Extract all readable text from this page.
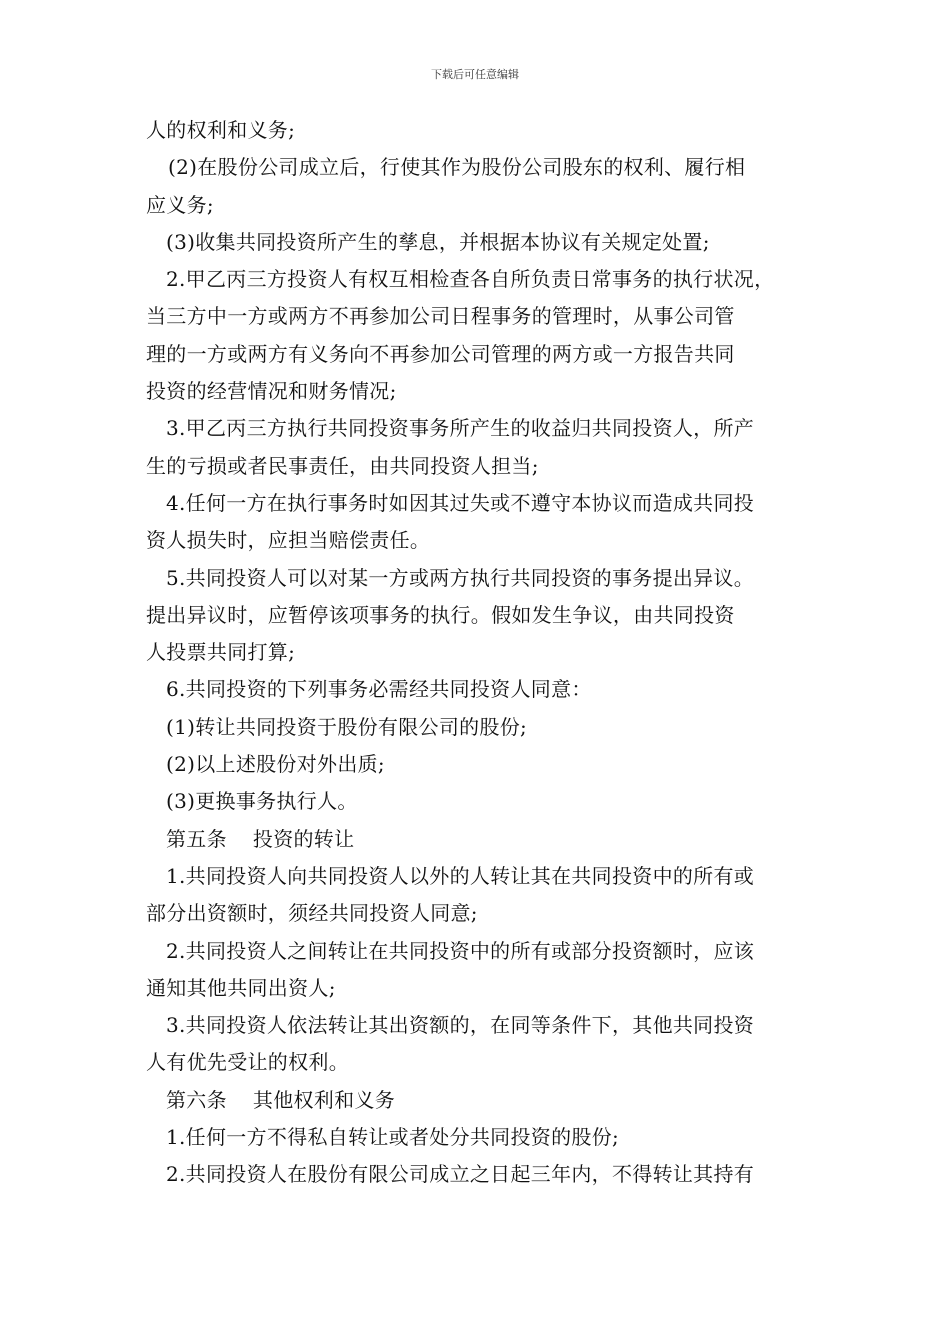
下载后可任意编辑
人的权利和义务;
(2)在股份公司成立后，行使其作为股份公司股东的权利、履行相
应义务;
(3)收集共同投资所产生的孳息，并根据本协议有关规定处置;
2.甲乙丙三方投资人有权互相检查各自所负责日常事务的执行状况，
当三方中一方或两方不再参加公司日程事务的管理时，从事公司管
理的一方或两方有义务向不再参加公司管理的两方或一方报告共同
投资的经营情况和财务情况;
3.甲乙丙三方执行共同投资事务所产生的收益归共同投资人，所产
生的亏损或者民事责任，由共同投资人担当;
4.任何一方在执行事务时如因其过失或不遵守本协议而造成共同投
资人损失时，应担当赔偿责任。
5.共同投资人可以对某一方或两方执行共同投资的事务提出异议。
提出异议时，应暂停该项事务的执行。假如发生争议，由共同投资
人投票共同打算;
6.共同投资的下列事务必需经共同投资人同意：
(1)转让共同投资于股份有限公司的股份;
(2)以上述股份对外出质;
(3)更换事务执行人。
第五条 投资的转让
1.共同投资人向共同投资人以外的人转让其在共同投资中的所有或
部分出资额时，须经共同投资人同意;
2.共同投资人之间转让在共同投资中的所有或部分投资额时，应该
通知其他共同出资人;
3.共同投资人依法转让其出资额的，在同等条件下，其他共同投资
人有优先受让的权利。
第六条 其他权利和义务
1.任何一方不得私自转让或者处分共同投资的股份;
2.共同投资人在股份有限公司成立之日起三年内，不得转让其持有
